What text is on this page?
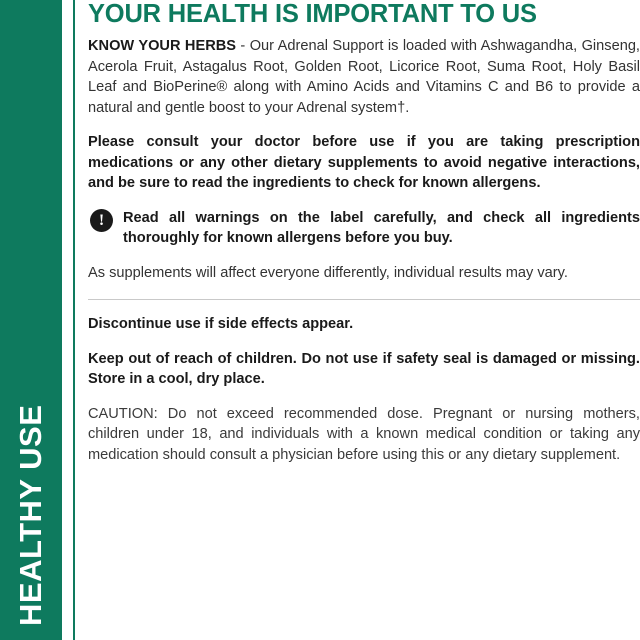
HEALTHY USE
YOUR HEALTH IS IMPORTANT TO US

KNOW YOUR HERBS - Our Adrenal Support is loaded with Ashwagandha, Ginseng, Acerola Fruit, Astagalus Root, Golden Root, Licorice Root, Suma Root, Holy Basil Leaf and BioPerine® along with Amino Acids and Vitamins C and B6 to provide a natural and gentle boost to your Adrenal system†.

Please consult your doctor before use if you are taking prescription medications or any other dietary supplements to avoid negative interactions, and be sure to read the ingredients to check for known allergens.

!	Read all warnings on the label carefully, and check all ingredients thoroughly for known allergens before you buy.

As supplements will affect everyone differently, individual results may vary.

Discontinue use if side effects appear.

Keep out of reach of children. Do not use if safety seal is damaged or missing. Store in a cool, dry place.

CAUTION: Do not exceed recommended dose. Pregnant or nursing mothers, children under 18, and individuals with a known medical condition or taking any medication should consult a physician before using this or any dietary supplement.
